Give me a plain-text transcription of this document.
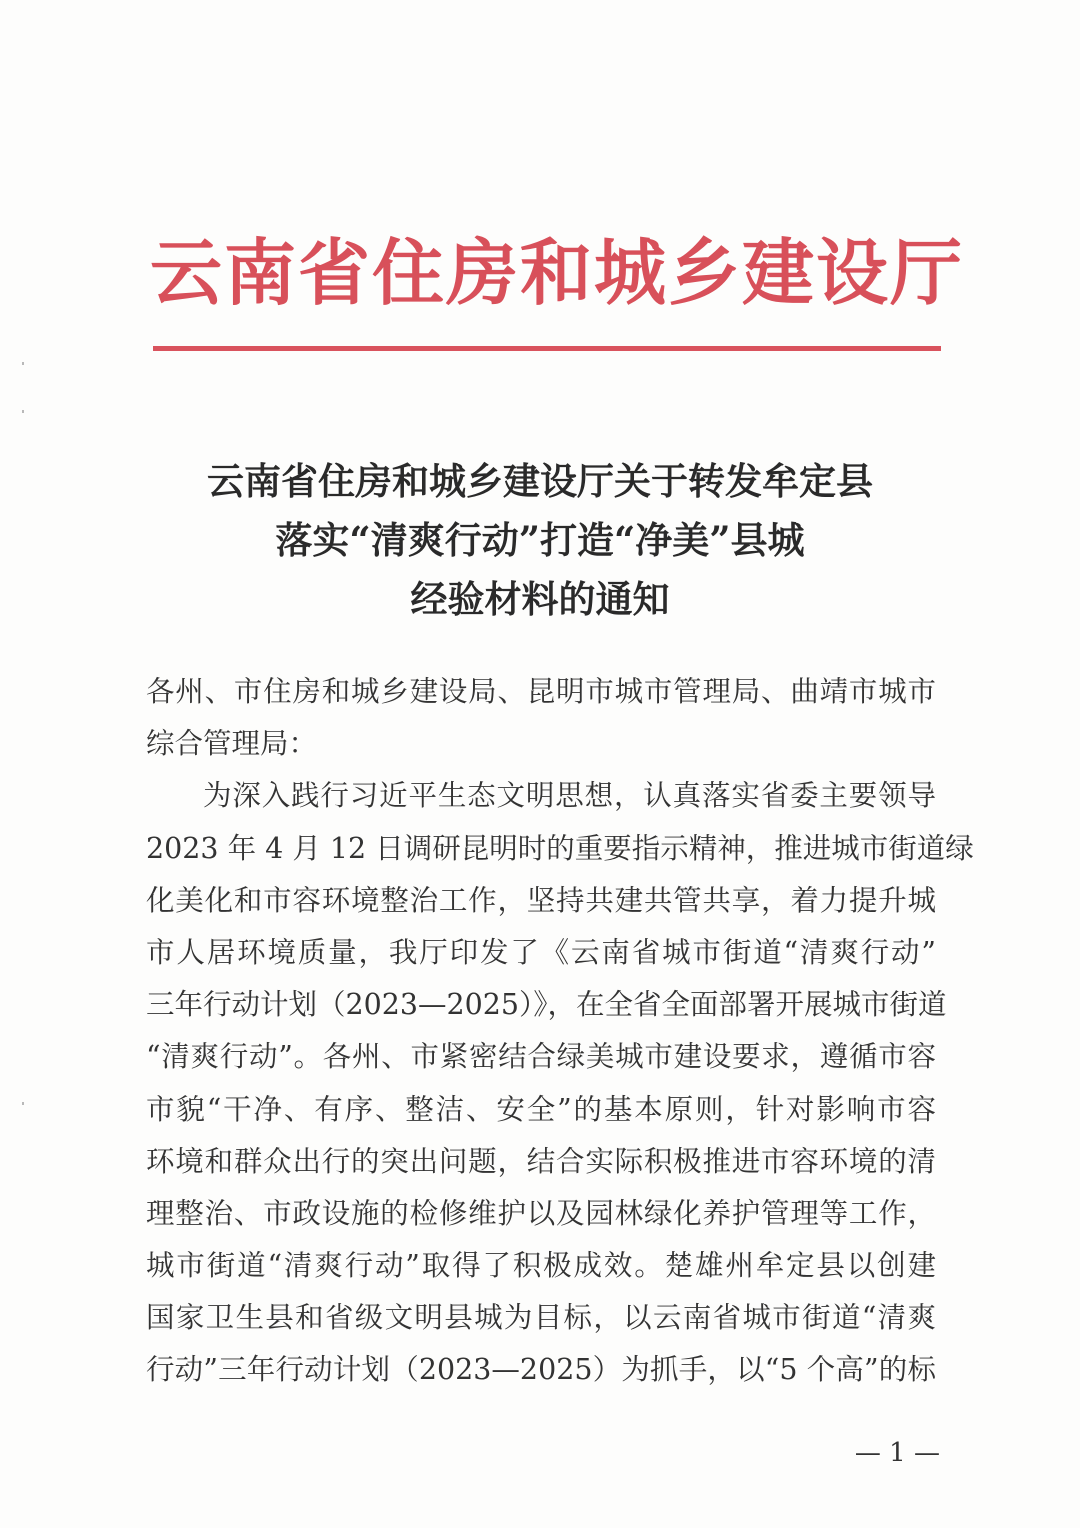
云南省住房和城乡建设厅
云南省住房和城乡建设厅关于转发牟定县
落实“清爽行动”打造“净美”县城
经验材料的通知
各州、市住房和城乡建设局、昆明市城市管理局、曲靖市城市
综合管理局：
为深入践行习近平生态文明思想，认真落实省委主要领导
2023 年 4 月 12 日调研昆明时的重要指示精神，推进城市街道绿
化美化和市容环境整治工作，坚持共建共管共享，着力提升城
市人居环境质量，我厅印发了《云南省城市街道“清爽行动”
三年行动计划（2023—2025）》，在全省全面部署开展城市街道
“清爽行动”。各州、市紧密结合绿美城市建设要求，遵循市容
市貌“干净、有序、整洁、安全”的基本原则，针对影响市容
环境和群众出行的突出问题，结合实际积极推进市容环境的清
理整治、市政设施的检修维护以及园林绿化养护管理等工作，
城市街道“清爽行动”取得了积极成效。楚雄州牟定县以创建
国家卫生县和省级文明县城为目标，以云南省城市街道“清爽
行动”三年行动计划（2023—2025）为抓手，以“5 个高”的标
— 1 —
